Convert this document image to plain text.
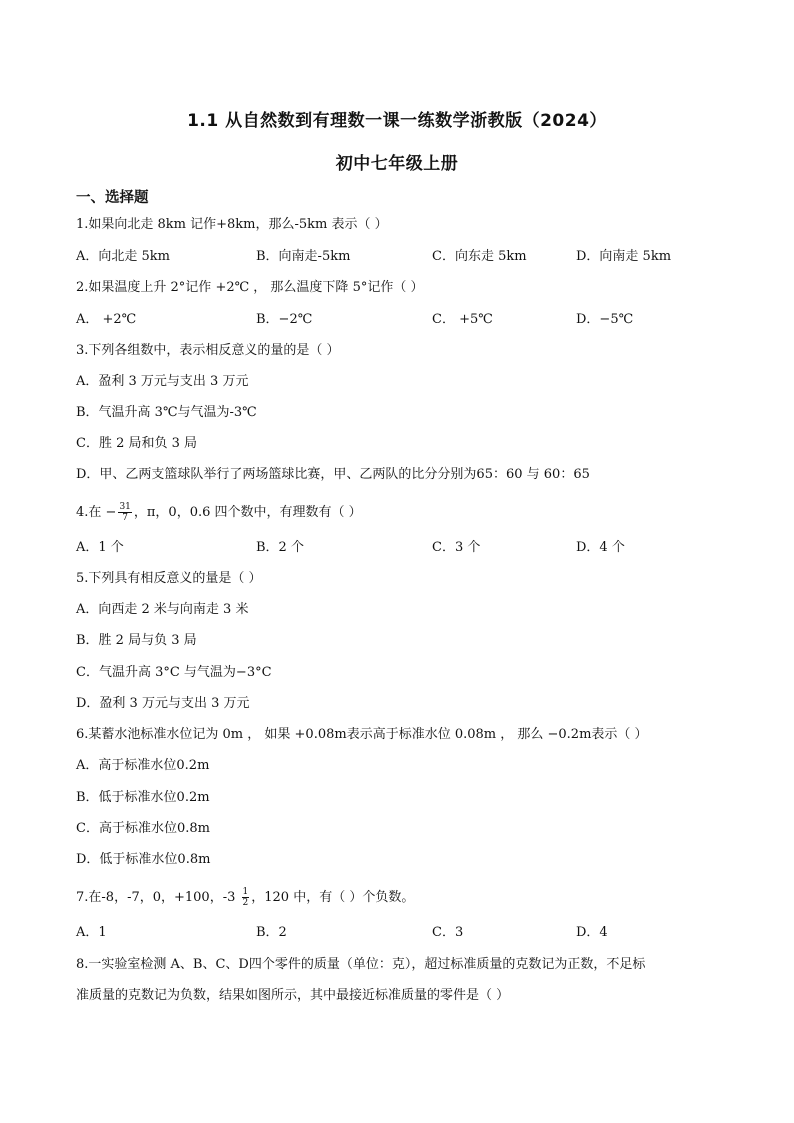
1.1 从自然数到有理数一课一练数学浙教版（2024）
初中七年级上册
一、选择题
1.如果向北走 8km 记作+8km，那么-5km 表示（ ）
A．向北走 5km	B．向南走-5km	C．向东走 5km	D．向南走 5km
2.如果温度上升 2°记作 +2℃ ， 那么温度下降 5°记作（ ）
A． +2℃	B．−2℃	C． +5℃	D．−5℃
3.下列各组数中，表示相反意义的量的是（ ）
A．盈利 3 万元与支出 3 万元
B．气温升高 3℃与气温为-3℃
C．胜 2 局和负 3 局
D．甲、乙两支篮球队举行了两场篮球比赛，甲、乙两队的比分分别为65：60 与 60：65
4.在 − $\frac{31}{7}$ ，π，0，0.6 四个数中，有理数有（ ）
A．1 个	B．2 个	C．3 个	D．4 个
5.下列具有相反意义的量是（ ）
A．向西走 2 米与向南走 3 米
B．胜 2 局与负 3 局
C．气温升高 3°C 与气温为−3°C
D．盈利 3 万元与支出 3 万元
6.某蓄水池标准水位记为 0m ， 如果 +0.08m表示高于标准水位 0.08m ， 那么 −0.2m表示（ ）
A．高于标准水位0.2m
B．低于标准水位0.2m
C．高于标准水位0.8m
D．低于标准水位0.8m
7.在-8，-7，0，+100，$-3 \frac{1}{2}$ ，120 中，有（ ）个负数。
A．1	B．2	C．3	D．4
8.一实验室检测 A、B、C、D四个零件的质量（单位：克），超过标准质量的克数记为正数，不足标
准质量的克数记为负数，结果如图所示，其中最接近标准质量的零件是（ ）
